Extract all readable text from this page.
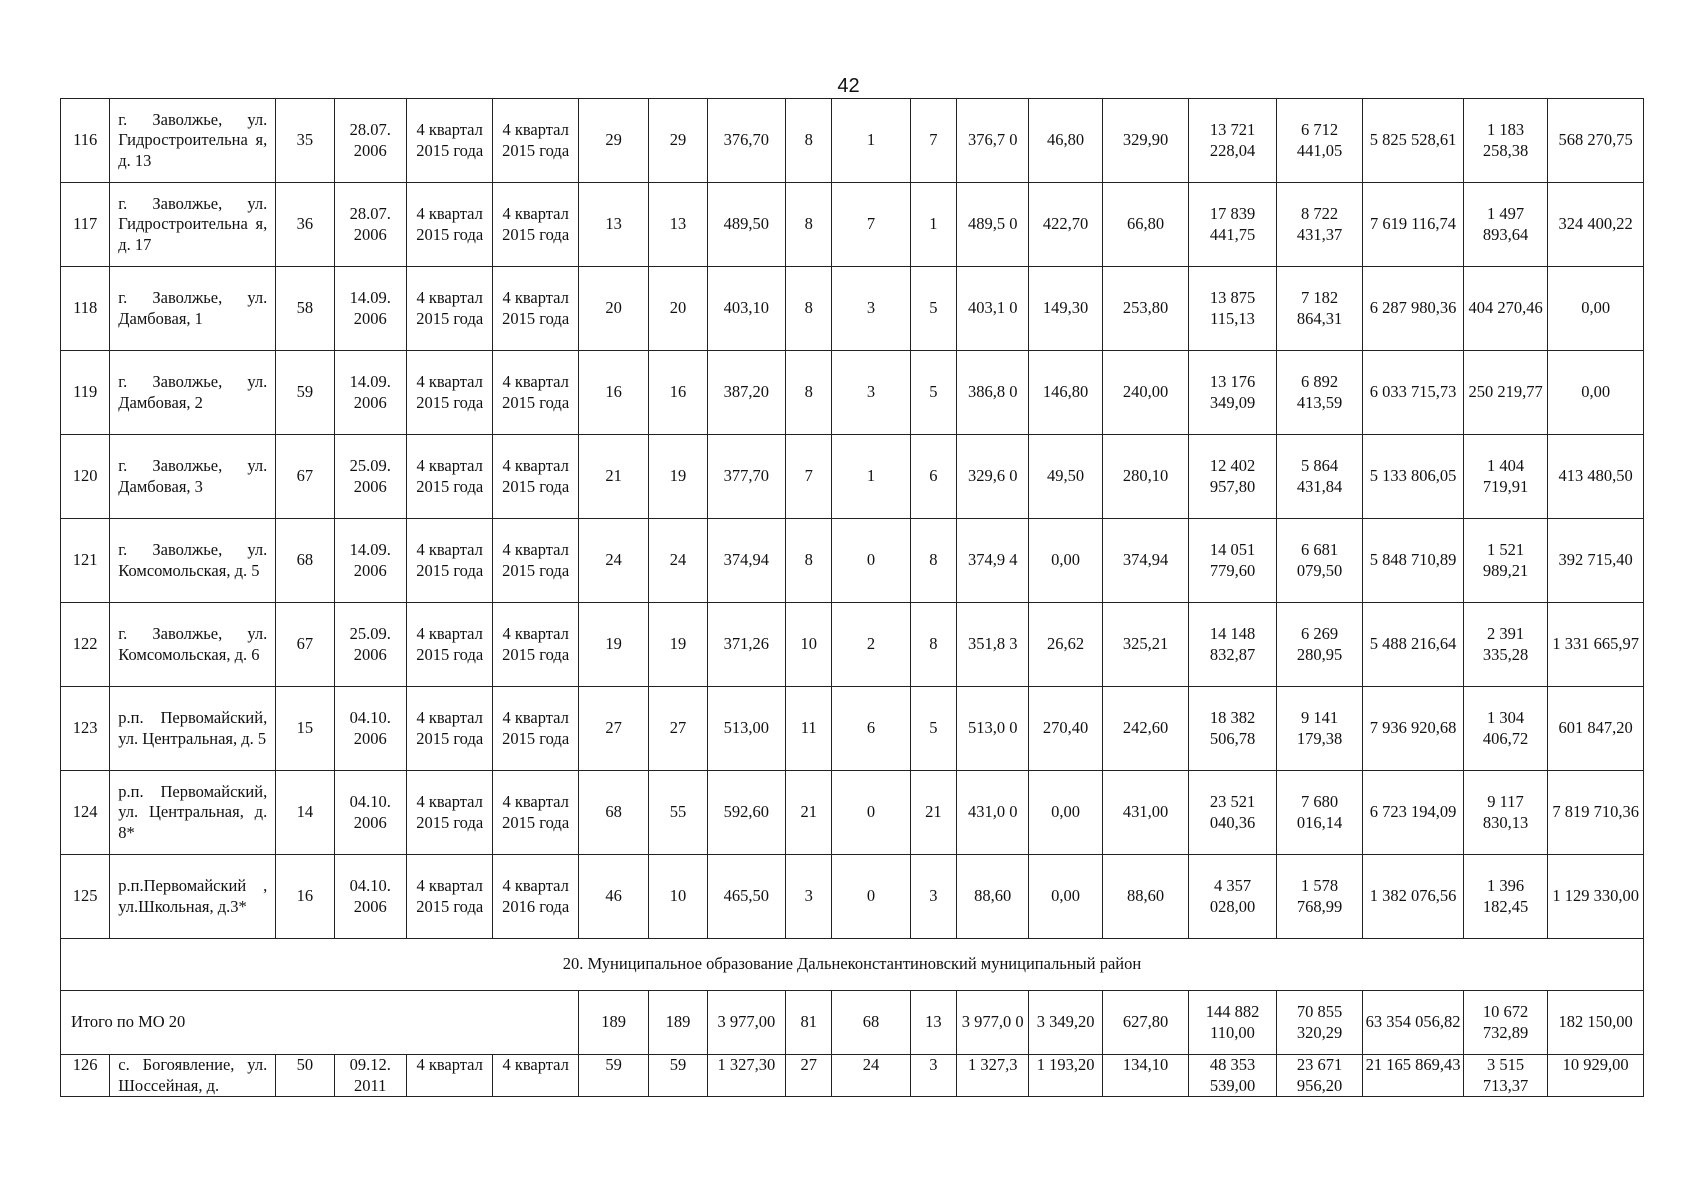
42
116	г. Заволжье, ул. Гидростроительна я, д. 13	35	28.07. 2006	4 квартал 2015 года	4 квартал 2015 года	29	29	376,70	8	1	7	376,7 0	46,80	329,90	13 721 228,04	6 712 441,05	5 825 528,61	1 183 258,38	568 270,75
117	г. Заволжье, ул. Гидростроительна я, д. 17	36	28.07. 2006	4 квартал 2015 года	4 квартал 2015 года	13	13	489,50	8	7	1	489,5 0	422,70	66,80	17 839 441,75	8 722 431,37	7 619 116,74	1 497 893,64	324 400,22
118	г. Заволжье, ул. Дамбовая, 1	58	14.09. 2006	4 квартал 2015 года	4 квартал 2015 года	20	20	403,10	8	3	5	403,1 0	149,30	253,80	13 875 115,13	7 182 864,31	6 287 980,36	404 270,46	0,00
119	г. Заволжье, ул. Дамбовая, 2	59	14.09. 2006	4 квартал 2015 года	4 квартал 2015 года	16	16	387,20	8	3	5	386,8 0	146,80	240,00	13 176 349,09	6 892 413,59	6 033 715,73	250 219,77	0,00
120	г. Заволжье, ул. Дамбовая, 3	67	25.09. 2006	4 квартал 2015 года	4 квартал 2015 года	21	19	377,70	7	1	6	329,6 0	49,50	280,10	12 402 957,80	5 864 431,84	5 133 806,05	1 404 719,91	413 480,50
121	г. Заволжье, ул. Комсомольская, д. 5	68	14.09. 2006	4 квартал 2015 года	4 квартал 2015 года	24	24	374,94	8	0	8	374,9 4	0,00	374,94	14 051 779,60	6 681 079,50	5 848 710,89	1 521 989,21	392 715,40
122	г. Заволжье, ул. Комсомольская, д. 6	67	25.09. 2006	4 квартал 2015 года	4 квартал 2015 года	19	19	371,26	10	2	8	351,8 3	26,62	325,21	14 148 832,87	6 269 280,95	5 488 216,64	2 391 335,28	1 331 665,97
123	р.п. Первомайский, ул. Центральная, д. 5	15	04.10. 2006	4 квартал 2015 года	4 квартал 2015 года	27	27	513,00	11	6	5	513,0 0	270,40	242,60	18 382 506,78	9 141 179,38	7 936 920,68	1 304 406,72	601 847,20
124	р.п. Первомайский, ул. Центральная, д. 8*	14	04.10. 2006	4 квартал 2015 года	4 квартал 2015 года	68	55	592,60	21	0	21	431,0 0	0,00	431,00	23 521 040,36	7 680 016,14	6 723 194,09	9 117 830,13	7 819 710,36
125	р.п.Первомайский , ул.Школьная, д.3*	16	04.10. 2006	4 квартал 2015 года	4 квартал 2016 года	46	10	465,50	3	0	3	88,60	0,00	88,60	4 357 028,00	1 578 768,99	1 382 076,56	1 396 182,45	1 129 330,00
20. Муниципальное образование Дальнеконстантиновский муниципальный район																			
Итого по МО 20						189	189	3 977,00	81	68	13	3 977,0 0	3 349,20	627,80	144 882 110,00	70 855 320,29	63 354 056,82	10 672 732,89	182 150,00
126	с. Богоявление, ул. Шоссейная, д.	50	09.12. 2011	4 квартал	4 квартал	59	59	1 327,30	27	24	3	1 327,3	1 193,20	134,10	48 353 539,00	23 671 956,20	21 165 869,43	3 515 713,37	10 929,00
